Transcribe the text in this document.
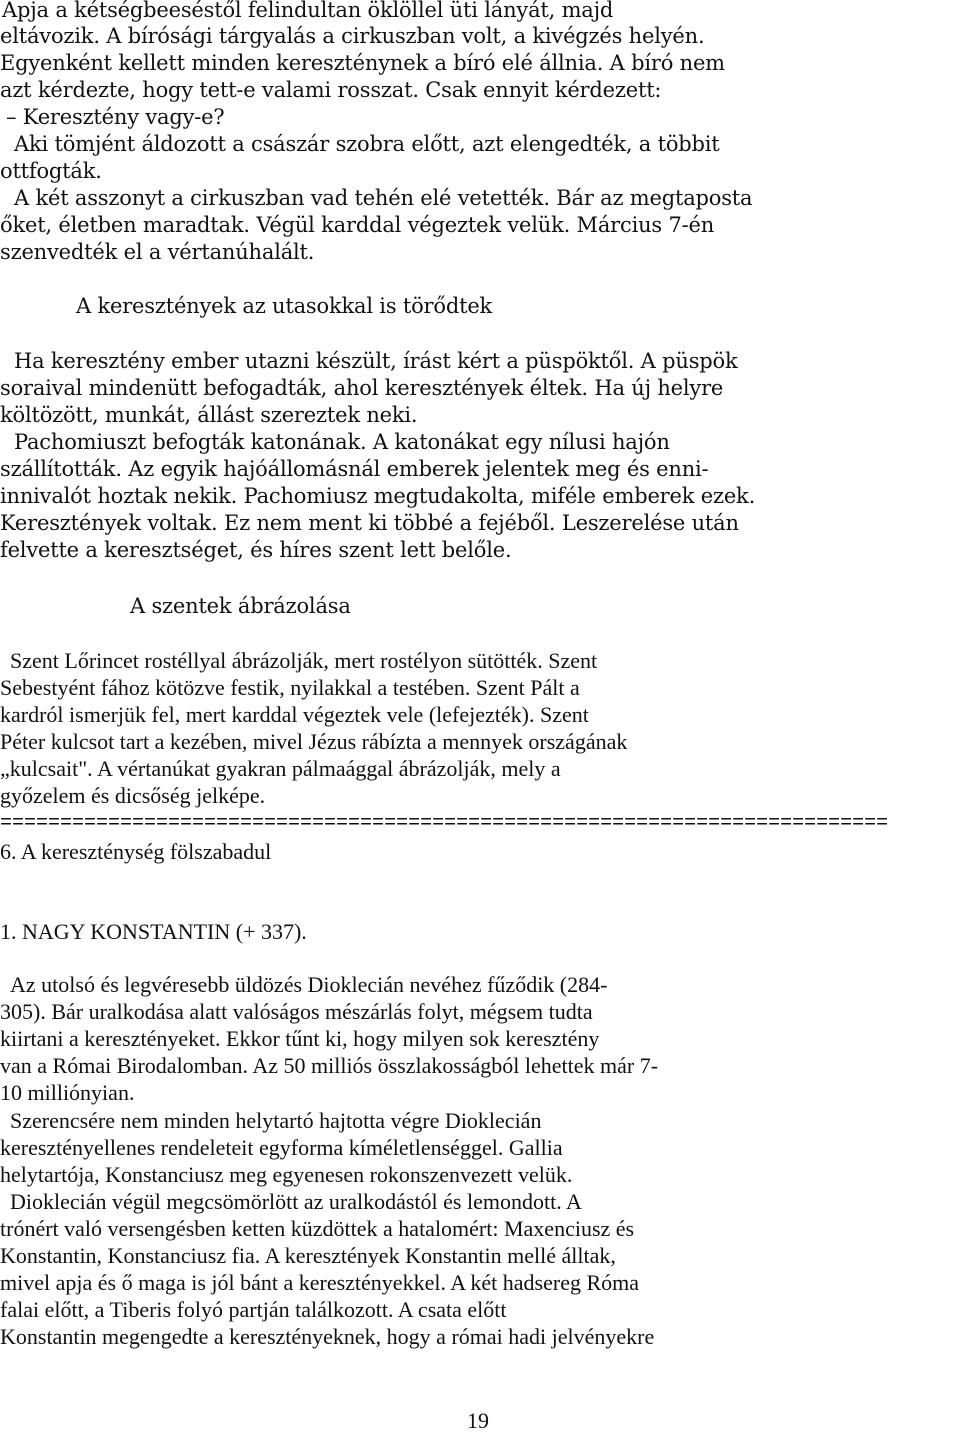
Apja a kétségbeeséstől felindultan öklöllel üti lányát, majd
eltávozik. A bírósági tárgyalás a cirkuszban volt, a kivégzés helyén.
Egyenként kellett minden kereszténynek a bíró elé állnia. A bíró nem
azt kérdezte, hogy tett-e valami rosszat. Csak ennyit kérdezett:
– Keresztény vagy-e?
Aki tömjént áldozott a császár szobra előtt, azt elengedték, a többit
ottfogták.
A két asszonyt a cirkuszban vad tehén elé vetették. Bár az megtaposta
őket, életben maradtak. Végül karddal végeztek velük. Március 7-én
szenvedték el a vértanúhalált.
A keresztények az utasokkal is törődtek
Ha keresztény ember utazni készült, írást kért a püspöktől. A püspök
soraival mindenütt befogadták, ahol keresztények éltek. Ha új helyre
költözött, munkát, állást szereztek neki.
Pachomiuszt befogták katonának. A katonákat egy nílusi hajón
szállították. Az egyik hajóállomásnál emberek jelentek meg és enni-
innivalót hoztak nekik. Pachomiusz megtudakolta, miféle emberek ezek.
Keresztények voltak. Ez nem ment ki többé a fejéből. Leszerelése után
felvette a keresztséget, és híres szent lett belőle.
A szentek ábrázolása
Szent Lőrincet rostéllyal ábrázolják, mert rostélyon sütötték. Szent
Sebestyént fához kötözve festik, nyilakkal a testében. Szent Pált a
kardról ismerjük fel, mert karddal végeztek vele (lefejezték). Szent
Péter kulcsot tart a kezében, mivel Jézus rábízta a mennyek országának
„kulcsait". A vértanúkat gyakran pálmaággal ábrázolják, mely a
győzelem és dicsőség jelképe.
==========================================================================
6. A kereszténység fölszabadul
1. NAGY KONSTANTIN (+ 337).
Az utolsó és legvéresebb üldözés Dioklecián nevéhez fűződik (284-
305). Bár uralkodása alatt valóságos mészárlás folyt, mégsem tudta
kiirtani a keresztényeket. Ekkor tűnt ki, hogy milyen sok keresztény
van a Római Birodalomban. Az 50 milliós összlakosságból lehettek már 7-
10 milliónyian.
Szerencsére nem minden helytartó hajtotta végre Dioklecián
keresztényellenes rendeleteit egyforma kíméletlenséggel. Gallia
helytartója, Konstanciusz meg egyenesen rokonszenvezett velük.
Dioklecián végül megcsömörlött az uralkodástól és lemondott. A
trónért való versengésben ketten küzdöttek a hatalomért: Maxenciusz és
Konstantin, Konstanciusz fia. A keresztények Konstantin mellé álltak,
mivel apja és ő maga is jól bánt a keresztényekkel. A két hadsereg Róma
falai előtt, a Tiberis folyó partján találkozott. A csata előtt
Konstantin megengedte a keresztényeknek, hogy a római hadi jelvényekre
19
